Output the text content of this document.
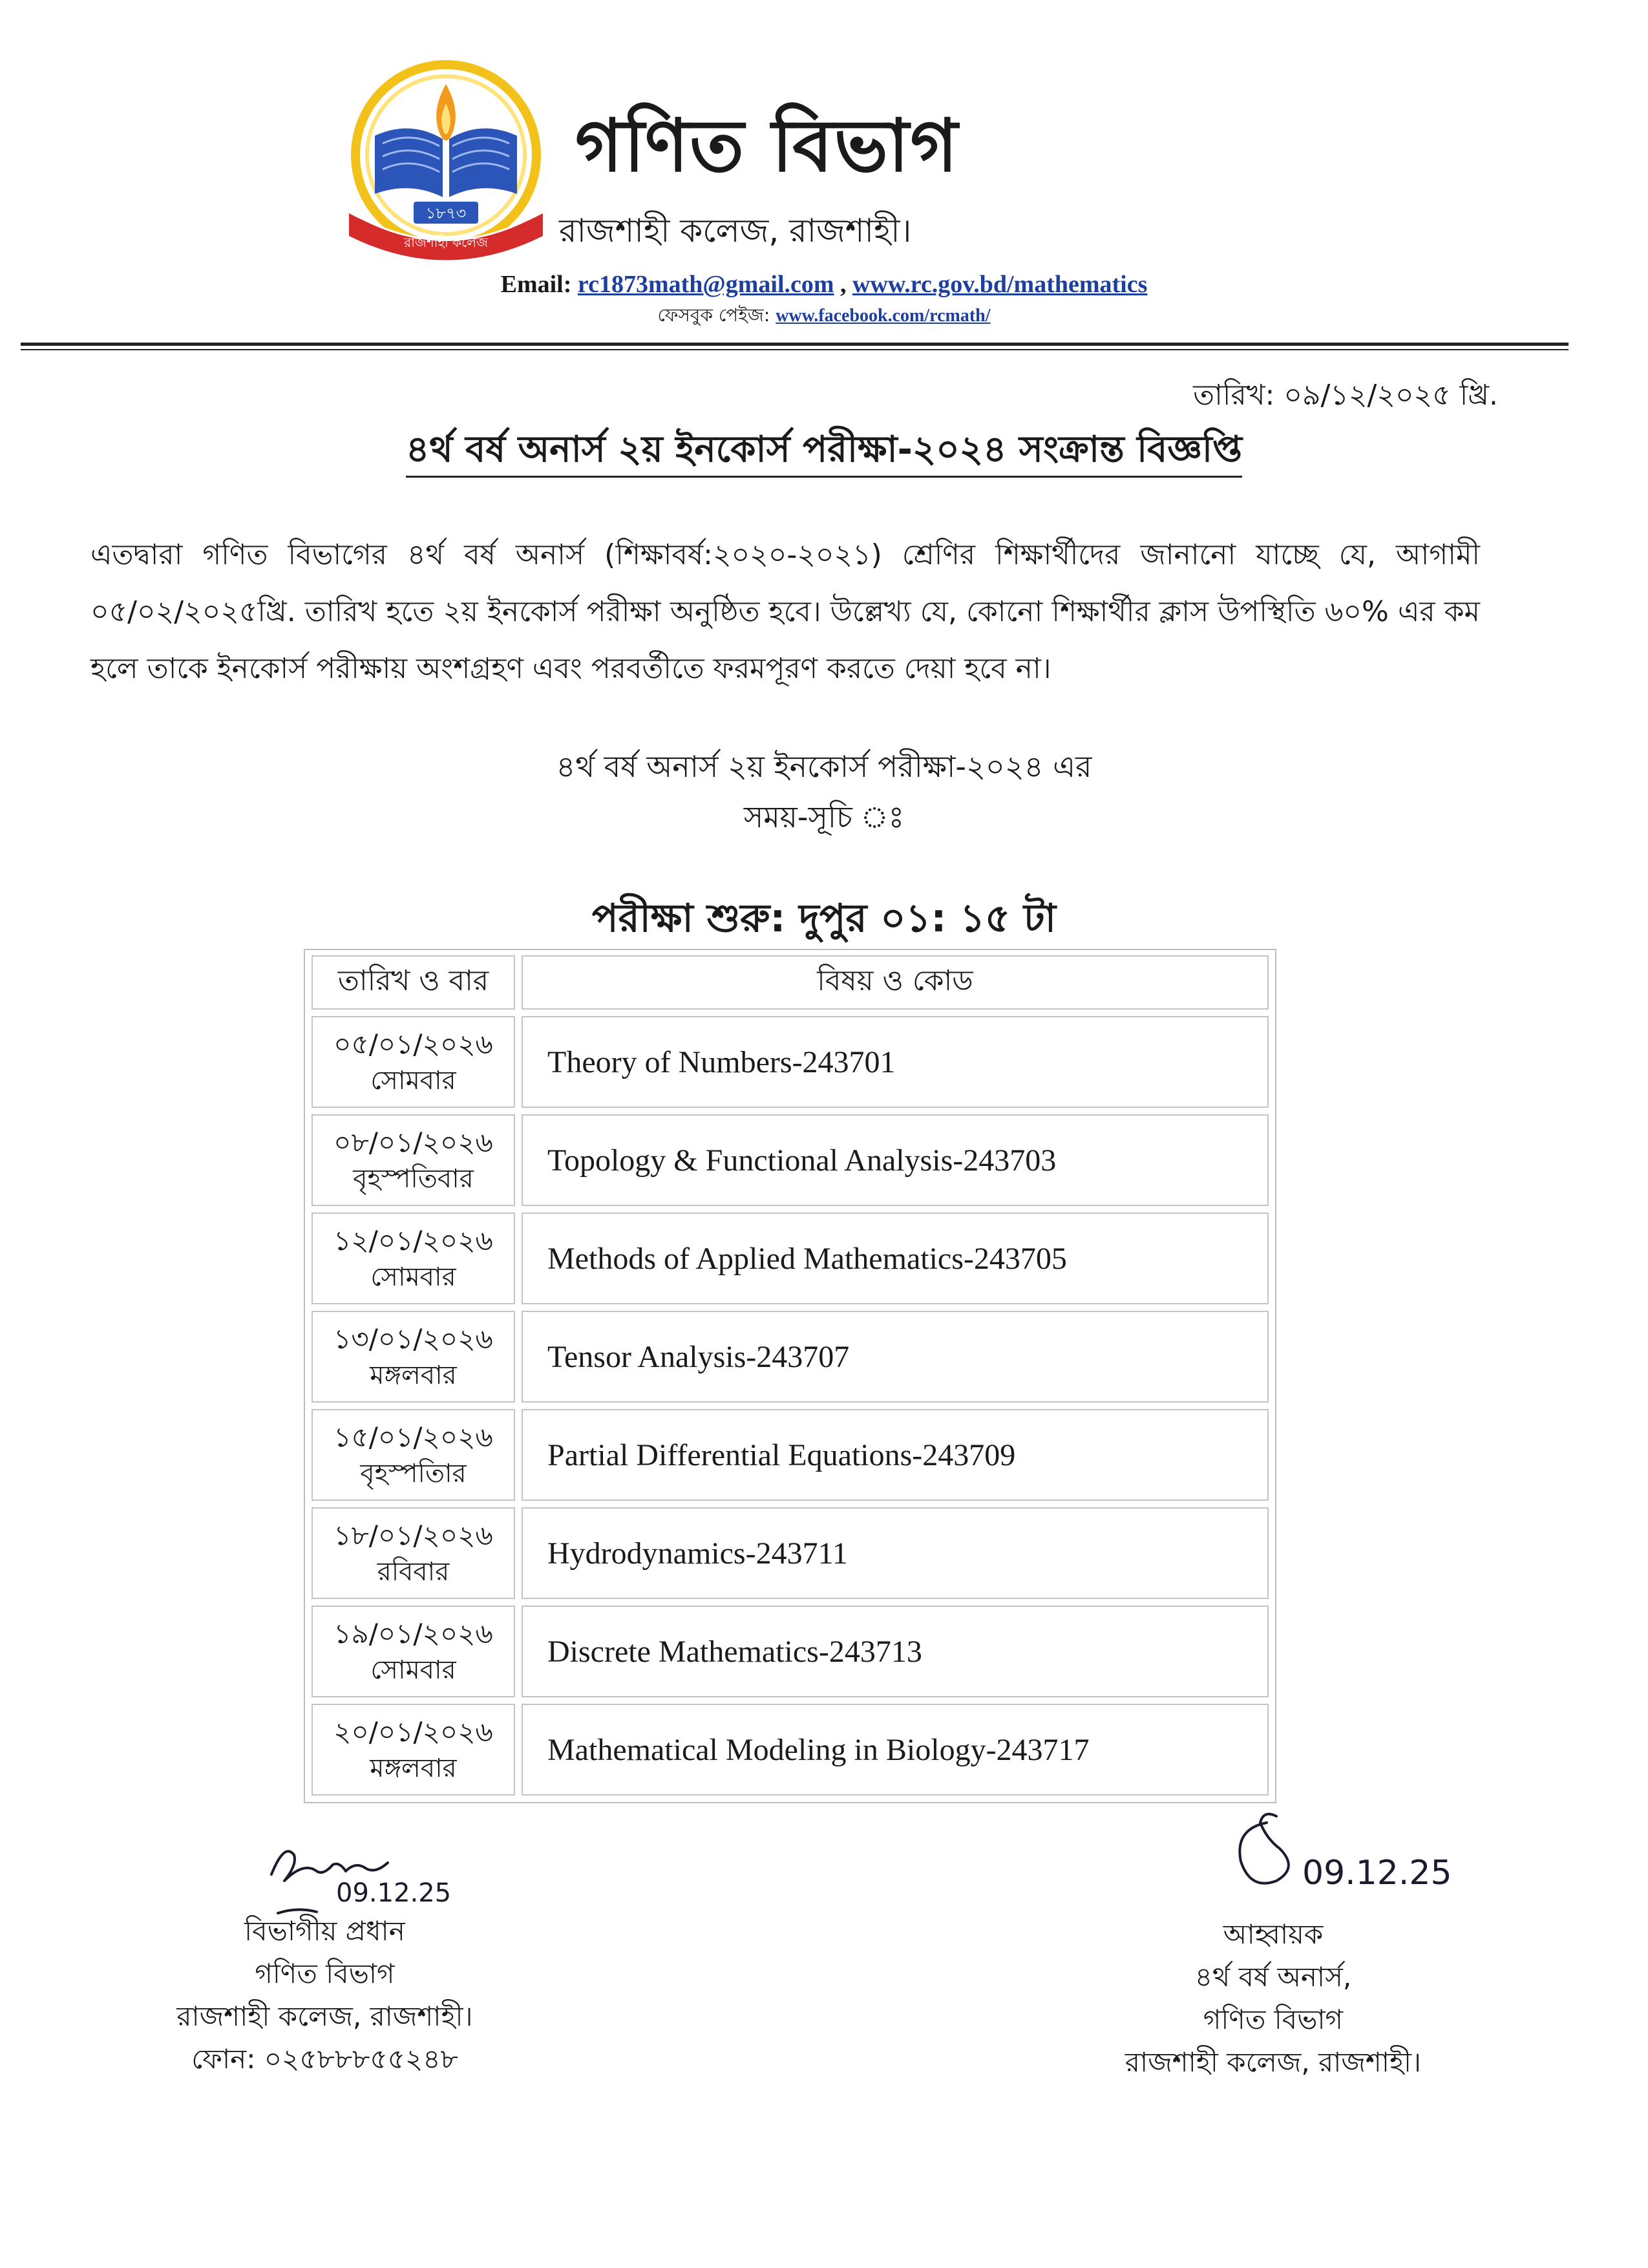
১৮৭৩
রাজশাহী কলেজ
গণিত বিভাগ
রাজশাহী কলেজ, রাজশাহী।
Email: rc1873math@gmail.com , www.rc.gov.bd/mathematics
ফেসবুক পেইজ: www.facebook.com/rcmath/
তারিখ: ০৯/১২/২০২৫ খ্রি.
৪র্থ বর্ষ অনার্স ২য় ইনকোর্স পরীক্ষা-২০২৪ সংক্রান্ত বিজ্ঞপ্তি
এতদ্বারা গণিত বিভাগের ৪র্থ বর্ষ অনার্স (শিক্ষাবর্ষ:২০২০-২০২১) শ্রেণির শিক্ষার্থীদের জানানো যাচ্ছে যে, আগামী ০৫/০২/২০২৫খ্রি. তারিখ হতে ২য় ইনকোর্স পরীক্ষা অনুষ্ঠিত হবে। উল্লেখ্য যে, কোনো শিক্ষার্থীর ক্লাস উপস্থিতি ৬০% এর কম হলে তাকে ইনকোর্স পরীক্ষায় অংশগ্রহণ এবং পরবর্তীতে ফরমপূরণ করতে দেয়া হবে না।
৪র্থ বর্ষ অনার্স ২য় ইনকোর্স পরীক্ষা-২০২৪ এর
সময়-সূচি ঃ
পরীক্ষা শুরু: দুপুর ০১: ১৫ টা
তারিখ ও বার	বিষয় ও কোড
০৫/০১/২০২৬
সোমবার
Theory of Numbers-243701
০৮/০১/২০২৬
বৃহস্পতিবার
Topology & Functional Analysis-243703
১২/০১/২০২৬
সোমবার
Methods of Applied Mathematics-243705
১৩/০১/২০২৬
মঙ্গলবার
Tensor Analysis-243707
১৫/০১/২০২৬
বৃহস্পতিার
Partial Differential Equations-243709
১৮/০১/২০২৬
রবিবার
Hydrodynamics-243711
১৯/০১/২০২৬
সোমবার
Discrete Mathematics-243713
২০/০১/২০২৬
মঙ্গলবার
Mathematical Modeling in Biology-243717
09.12.25
বিভাগীয় প্রধান
গণিত বিভাগ
রাজশাহী কলেজ, রাজশাহী।
ফোন: ০২৫৮৮৮৫৫২৪৮
09.12.25
আহ্বায়ক
৪র্থ বর্ষ অনার্স,
গণিত বিভাগ
রাজশাহী কলেজ, রাজশাহী।
